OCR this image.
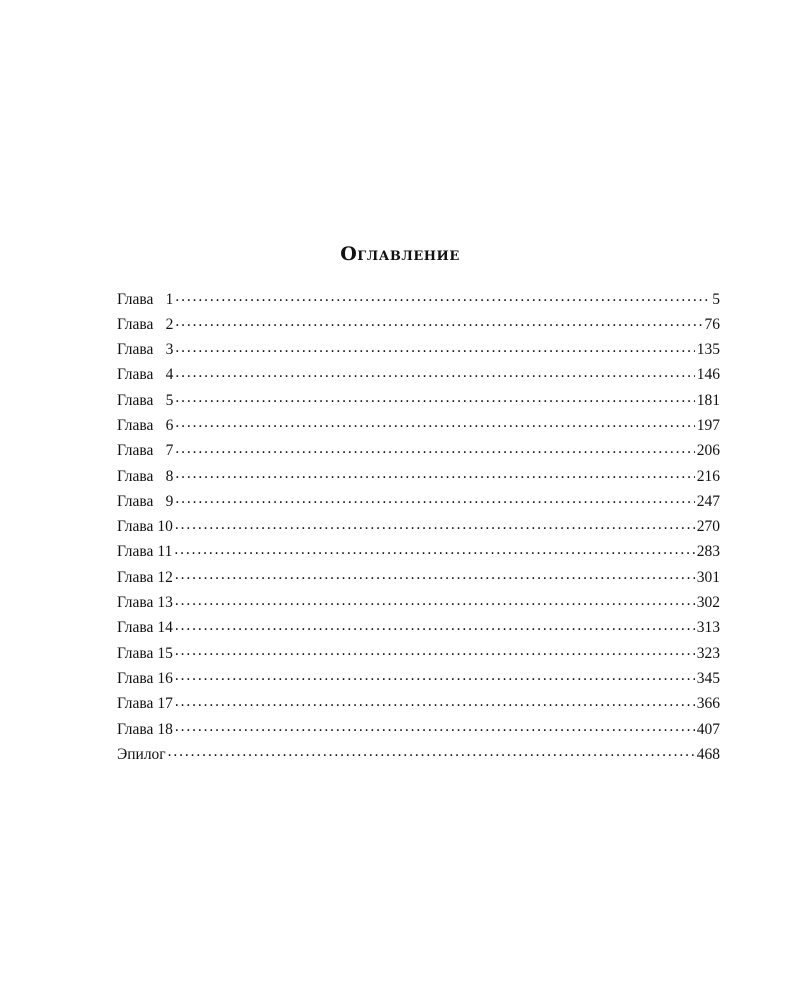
Оглавление
Глава 1 . . .	5
Глава 2 . . .	76
Глава 3 . . .	135
Глава 4 . . .	146
Глава 5 . . .	181
Глава 6 . . .	197
Глава 7 . . .	206
Глава 8 . . .	216
Глава 9 . . .	247
Глава 10 . . .	270
Глава 11 . . .	283
Глава 12 . . .	301
Глава 13 . . .	302
Глава 14 . . .	313
Глава 15 . . .	323
Глава 16 . . .	345
Глава 17 . . .	366
Глава 18 . . .	407
Эпилог . . .	468
